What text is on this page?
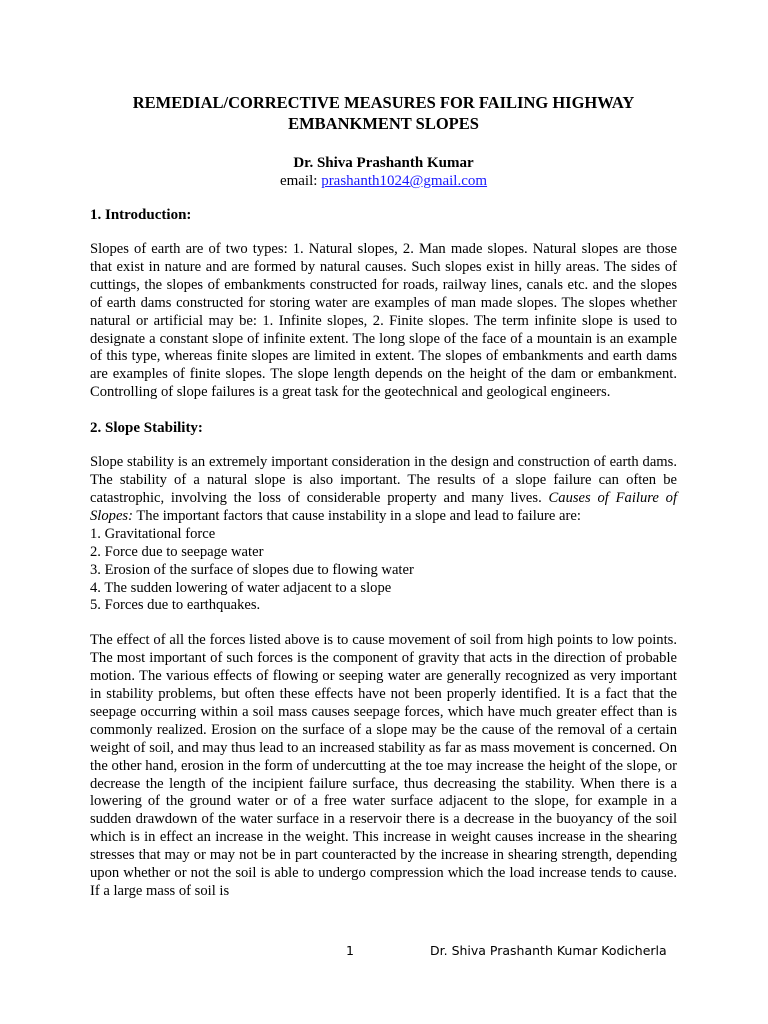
REMEDIAL/CORRECTIVE MEASURES FOR FAILING HIGHWAY
EMBANKMENT SLOPES
Dr. Shiva Prashanth Kumar
email: prashanth1024@gmail.com
1. Introduction:
Slopes of earth are of two types: 1. Natural slopes, 2. Man made slopes. Natural slopes are those that exist in nature and are formed by natural causes. Such slopes exist in hilly areas. The sides of cuttings, the slopes of embankments constructed for roads, railway lines, canals etc. and the slopes of earth dams constructed for storing water are examples of man made slopes. The slopes whether natural or artificial may be: 1. Infinite slopes, 2. Finite slopes. The term infinite slope is used to designate a constant slope of infinite extent. The long slope of the face of a mountain is an example of this type, whereas finite slopes are limited in extent. The slopes of embankments and earth dams are examples of finite slopes. The slope length depends on the height of the dam or embankment. Controlling of slope failures is a great task for the geotechnical and geological engineers.
2. Slope Stability:
Slope stability is an extremely important consideration in the design and construction of earth dams. The stability of a natural slope is also important. The results of a slope failure can often be catastrophic, involving the loss of considerable property and many lives. Causes of Failure of Slopes: The important factors that cause instability in a slope and lead to failure are:
1. Gravitational force
2. Force due to seepage water
3. Erosion of the surface of slopes due to flowing water
4. The sudden lowering of water adjacent to a slope
5. Forces due to earthquakes.
The effect of all the forces listed above is to cause movement of soil from high points to low points. The most important of such forces is the component of gravity that acts in the direction of probable motion. The various effects of flowing or seeping water are generally recognized as very important in stability problems, but often these effects have not been properly identified. It is a fact that the seepage occurring within a soil mass causes seepage forces, which have much greater effect than is commonly realized. Erosion on the surface of a slope may be the cause of the removal of a certain weight of soil, and may thus lead to an increased stability as far as mass movement is concerned. On the other hand, erosion in the form of undercutting at the toe may increase the height of the slope, or decrease the length of the incipient failure surface, thus decreasing the stability. When there is a lowering of the ground water or of a free water surface adjacent to the slope, for example in a sudden drawdown of the water surface in a reservoir there is a decrease in the buoyancy of the soil which is in effect an increase in the weight. This increase in weight causes increase in the shearing stresses that may or may not be in part counteracted by the increase in shearing strength, depending upon whether or not the soil is able to undergo compression which the load increase tends to cause. If a large mass of soil is
1	Dr. Shiva Prashanth Kumar Kodicherla
